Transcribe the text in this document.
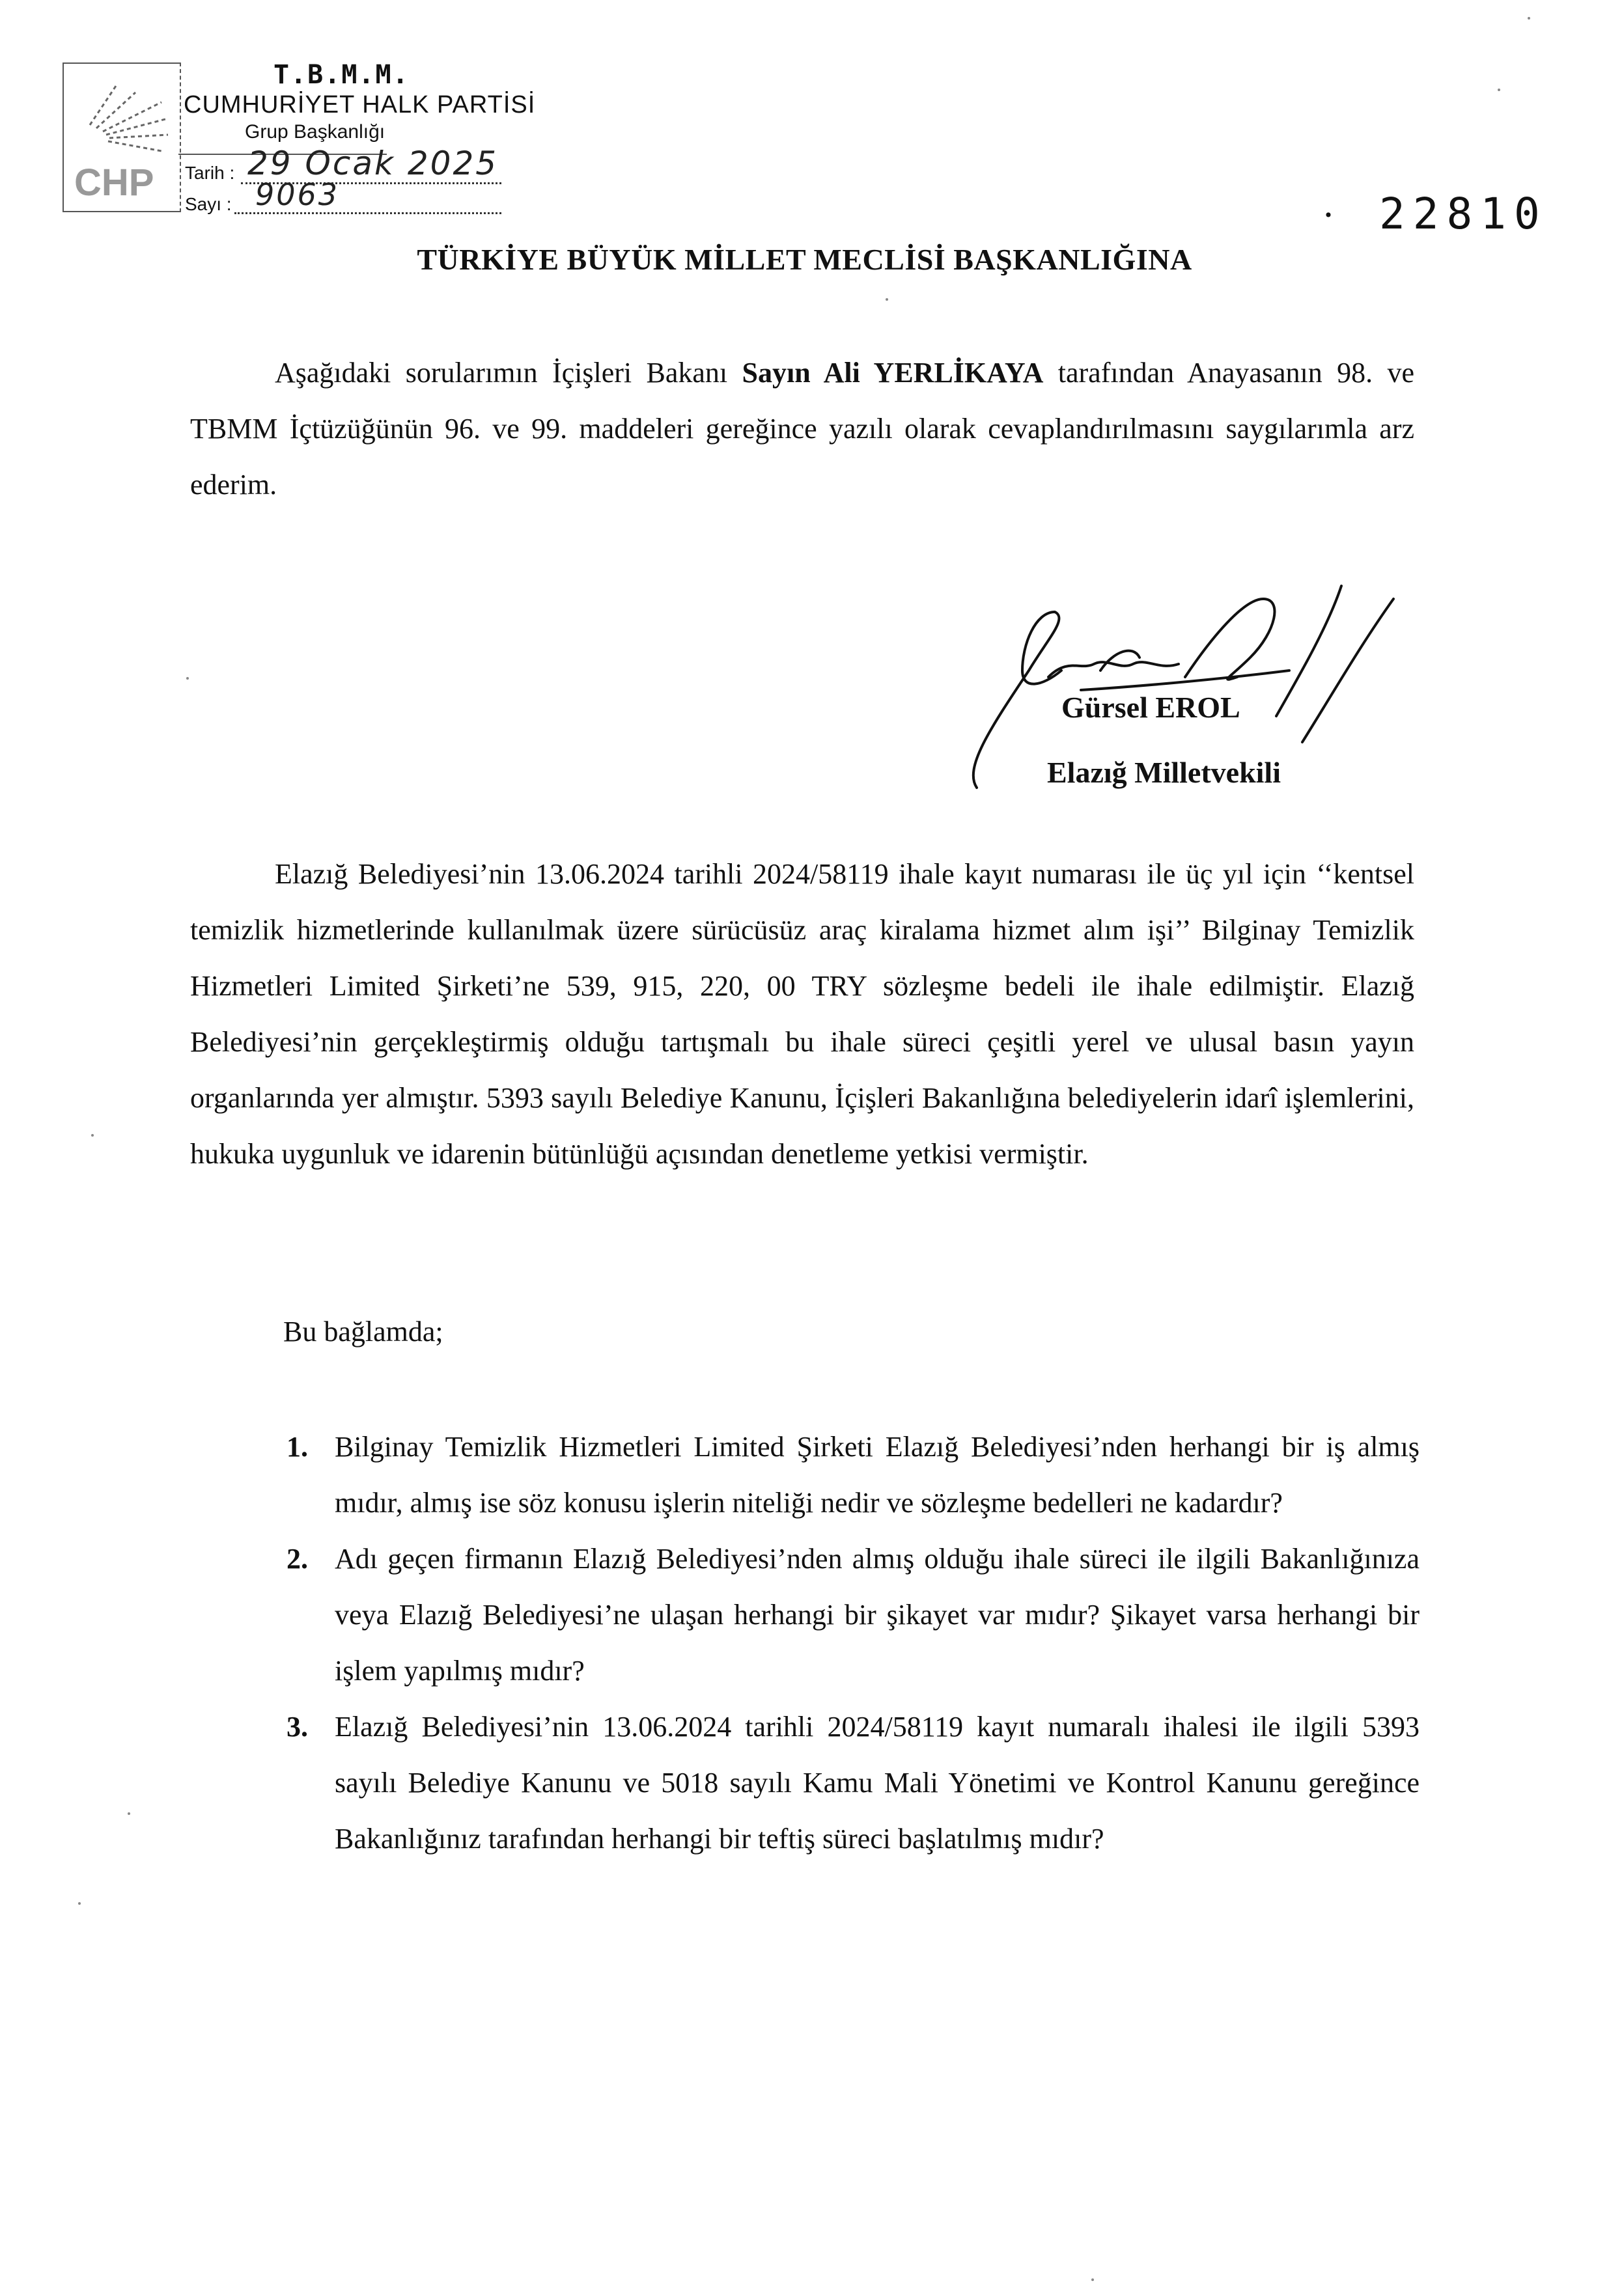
CHP
T.B.M.M.
CUMHURİYET HALK PARTİSİ
Grup Başkanlığı
Tarih : 29 Ocak 2025
Sayı : 9063	· 22810
TÜRKİYE BÜYÜK MİLLET MECLİSİ BAŞKANLIĞINA
Aşağıdaki sorularımın İçişleri Bakanı Sayın Ali YERLİKAYA tarafından Anayasanın 98. ve TBMM İçtüzüğünün 96. ve 99. maddeleri gereğince yazılı olarak cevaplandırılmasını saygılarımla arz ederim.
Gürsel EROL
Elazığ Milletvekili
Elazığ Belediyesi’nin 13.06.2024 tarihli 2024/58119 ihale kayıt numarası ile üç yıl için ‘‘kentsel temizlik hizmetlerinde kullanılmak üzere sürücüsüz araç kiralama hizmet alım işi’’ Bilginay Temizlik Hizmetleri Limited Şirketi’ne 539, 915, 220, 00 TRY sözleşme bedeli ile ihale edilmiştir. Elazığ Belediyesi’nin gerçekleştirmiş olduğu tartışmalı bu ihale süreci çeşitli yerel ve ulusal basın yayın organlarında yer almıştır. 5393 sayılı Belediye Kanunu, İçişleri Bakanlığına belediyelerin idarî işlemlerini, hukuka uygunluk ve idarenin bütünlüğü açısından denetleme yetkisi vermiştir.
Bu bağlamda;
1. Bilginay Temizlik Hizmetleri Limited Şirketi Elazığ Belediyesi’nden herhangi bir iş almış mıdır, almış ise söz konusu işlerin niteliği nedir ve sözleşme bedelleri ne kadardır?
2. Adı geçen firmanın Elazığ Belediyesi’nden almış olduğu ihale süreci ile ilgili Bakanlığınıza veya Elazığ Belediyesi’ne ulaşan herhangi bir şikayet var mıdır? Şikayet varsa herhangi bir işlem yapılmış mıdır?
3. Elazığ Belediyesi’nin 13.06.2024 tarihli 2024/58119 kayıt numaralı ihalesi ile ilgili 5393 sayılı Belediye Kanunu ve 5018 sayılı Kamu Mali Yönetimi ve Kontrol Kanunu gereğince Bakanlığınız tarafından herhangi bir teftiş süreci başlatılmış mıdır?
